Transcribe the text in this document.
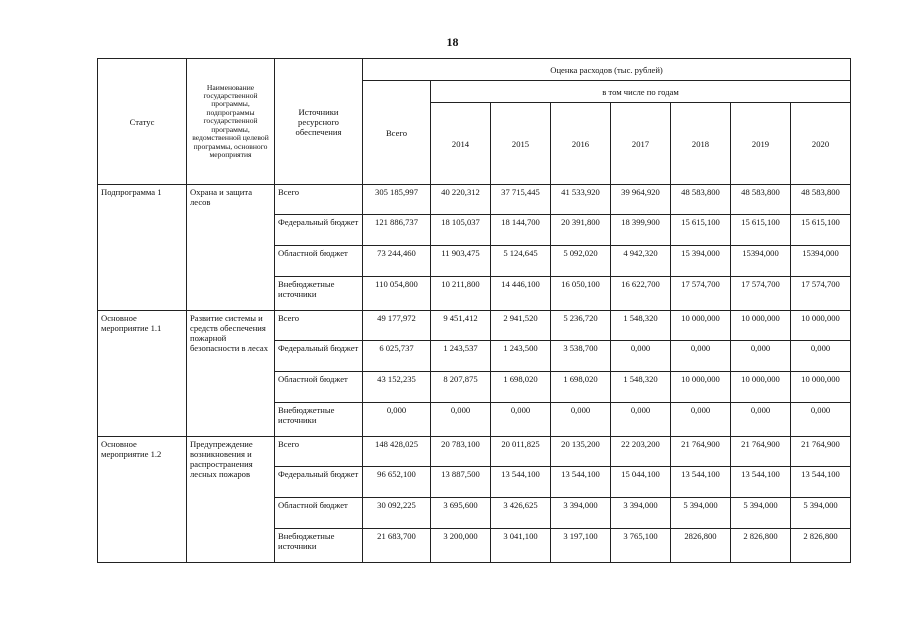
18
Статус	Наименование государственной программы, подпрограммы государственной программы, ведомственной целевой программы, основного мероприятия	Источники ресурсного обеспечения	Оценка расходов (тыс. рублей)							
			Всего	в том числе по годам						
				2014	2015	2016	2017	2018	2019	2020
Подпрограмма 1	Охрана и защита лесов	Всего	305 185,997	40 220,312	37 715,445	41 533,920	39 964,920	48 583,800	48 583,800	48 583,800
		Федеральный бюджет	121 886,737	18 105,037	18 144,700	20 391,800	18 399,900	15 615,100	15 615,100	15 615,100
		Областной бюджет	73 244,460	11 903,475	5 124,645	5 092,020	4 942,320	15 394,000	15394,000	15394,000
		Внебюджетные источники	110 054,800	10 211,800	14 446,100	16 050,100	16 622,700	17 574,700	17 574,700	17 574,700
Основное мероприятие 1.1	Развитие системы и средств обеспечения пожарной безопасности в лесах	Всего	49 177,972	9 451,412	2 941,520	5 236,720	1 548,320	10 000,000	10 000,000	10 000,000
		Федеральный бюджет	6 025,737	1 243,537	1 243,500	3 538,700	0,000	0,000	0,000	0,000
		Областной бюджет	43 152,235	8 207,875	1 698,020	1 698,020	1 548,320	10 000,000	10 000,000	10 000,000
		Внебюджетные источники	0,000	0,000	0,000	0,000	0,000	0,000	0,000	0,000
Основное мероприятие 1.2	Предупреждение возникновения и распространения лесных пожаров	Всего	148 428,025	20 783,100	20 011,825	20 135,200	22 203,200	21 764,900	21 764,900	21 764,900
		Федеральный бюджет	96 652,100	13 887,500	13 544,100	13 544,100	15 044,100	13 544,100	13 544,100	13 544,100
		Областной бюджет	30 092,225	3 695,600	3 426,625	3 394,000	3 394,000	5 394,000	5 394,000	5 394,000
		Внебюджетные источники	21 683,700	3 200,000	3 041,100	3 197,100	3 765,100	2826,800	2 826,800	2 826,800
